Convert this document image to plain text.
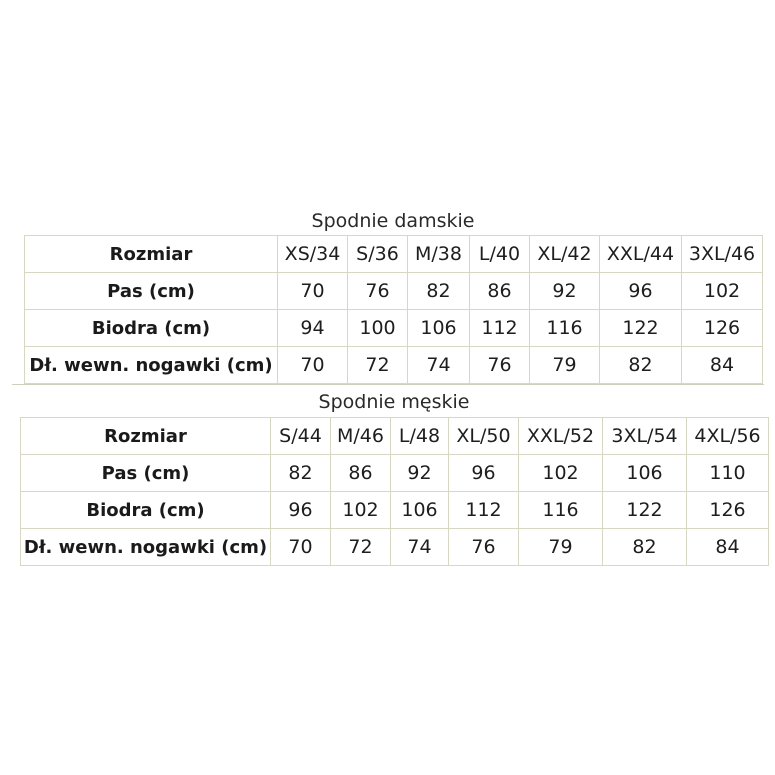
Spodnie damskie
Rozmiar	XS/34	S/36	M/38	L/40	XL/42	XXL/44	3XL/46
Pas (cm)	70	76	82	86	92	96	102
Biodra (cm)	94	100	106	112	116	122	126
Dł. wewn. nogawki (cm)	70	72	74	76	79	82	84
Spodnie męskie
Rozmiar	S/44	M/46	L/48	XL/50	XXL/52	3XL/54	4XL/56
Pas (cm)	82	86	92	96	102	106	110
Biodra (cm)	96	102	106	112	116	122	126
Dł. wewn. nogawki (cm)	70	72	74	76	79	82	84
